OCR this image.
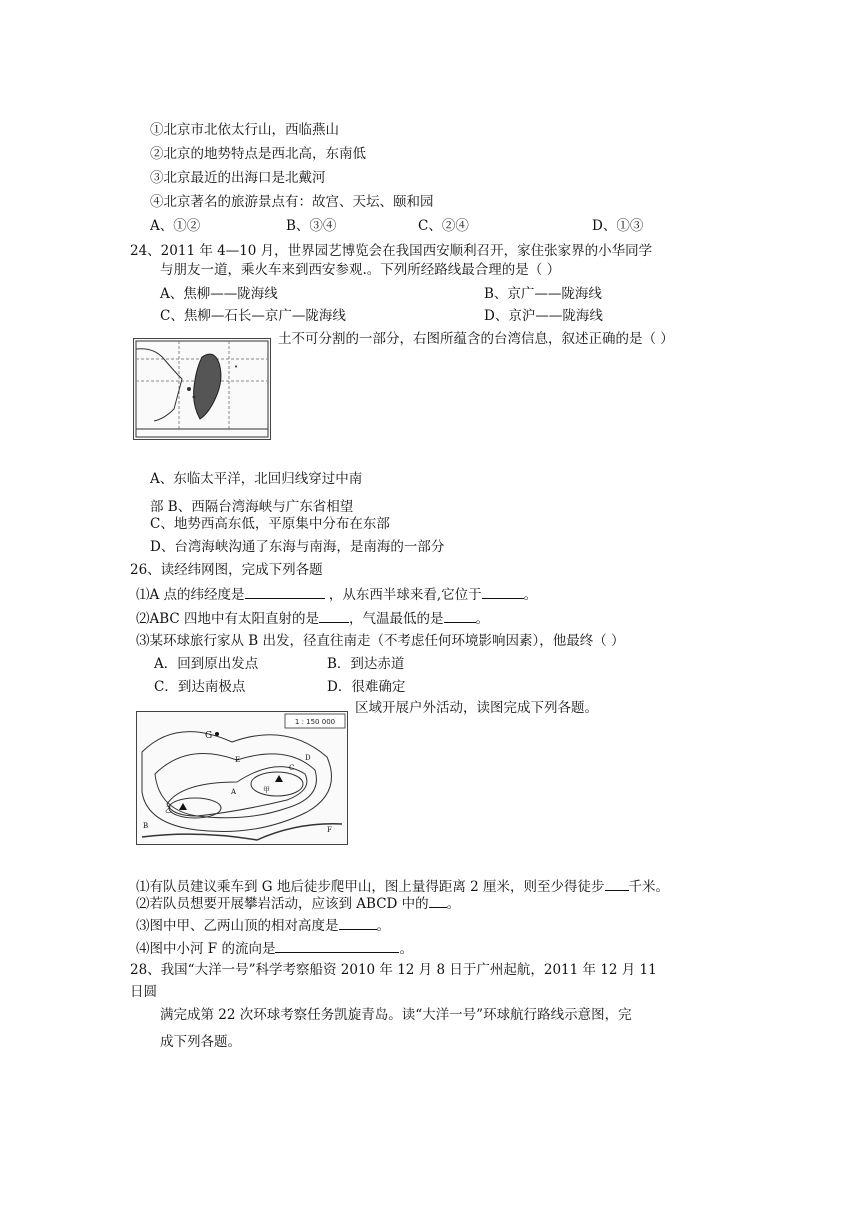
①北京市北依太行山，西临燕山
②北京的地势特点是西北高，东南低
③北京最近的出海口是北戴河
④北京著名的旅游景点有：故宫、天坛、颐和园
A、①②	B、③④	C、②④	D、①③
24、2011 年 4—10 月，世界园艺博览会在我国西安顺利召开，家住张家界的小华同学
与朋友一道，乘火车来到西安参观.。下列所经路线最合理的是（ ）
A、焦柳——陇海线	B、京广——陇海线
C、焦柳—石长—京广—陇海线	D、京沪——陇海线
•
土不可分割的一部分，右图所蕴含的台湾信息，叙述正确的是（ ）
A、东临太平洋，北回归线穿过中南
部 B、西隔台湾海峡与广东省相望
C、地势西高东低，平原集中分布在东部
D、台湾海峡沟通了东海与南海，是南海的一部分
26、读经纬网图，完成下列各题
⑴A 点的纬经度是	，从东西半球来看,它位于	。
⑵ABC 四地中有太阳直射的是 ，气温最低的是 。
⑶某环球旅行家从 B 出发，径直往南走（不考虑任何环境影响因素），他最终（ ）
A．回到原出发点	B．到达赤道
C．到达南极点	D．很难确定
1 : 150 000
G
A
B
C
D
E
F
甲
乙
区域开展户外活动，读图完成下列各题。
⑴有队员建议乘车到 G 地后徒步爬甲山，图上量得距离 2 厘米，则至少得徒步 千米。
⑵若队员想要开展攀岩活动，应该到 ABCD 中的 。
⑶图中甲、乙两山顶的相对高度是	。
⑷图中小河 F 的流向是	。
28、我国“大洋一号”科学考察船资 2010 年 12 月 8 日于广州起航，2011 年 12 月 11
日圆
满完成第 22 次环球考察任务凯旋青岛。读“大洋一号”环球航行路线示意图，完
成下列各题。
